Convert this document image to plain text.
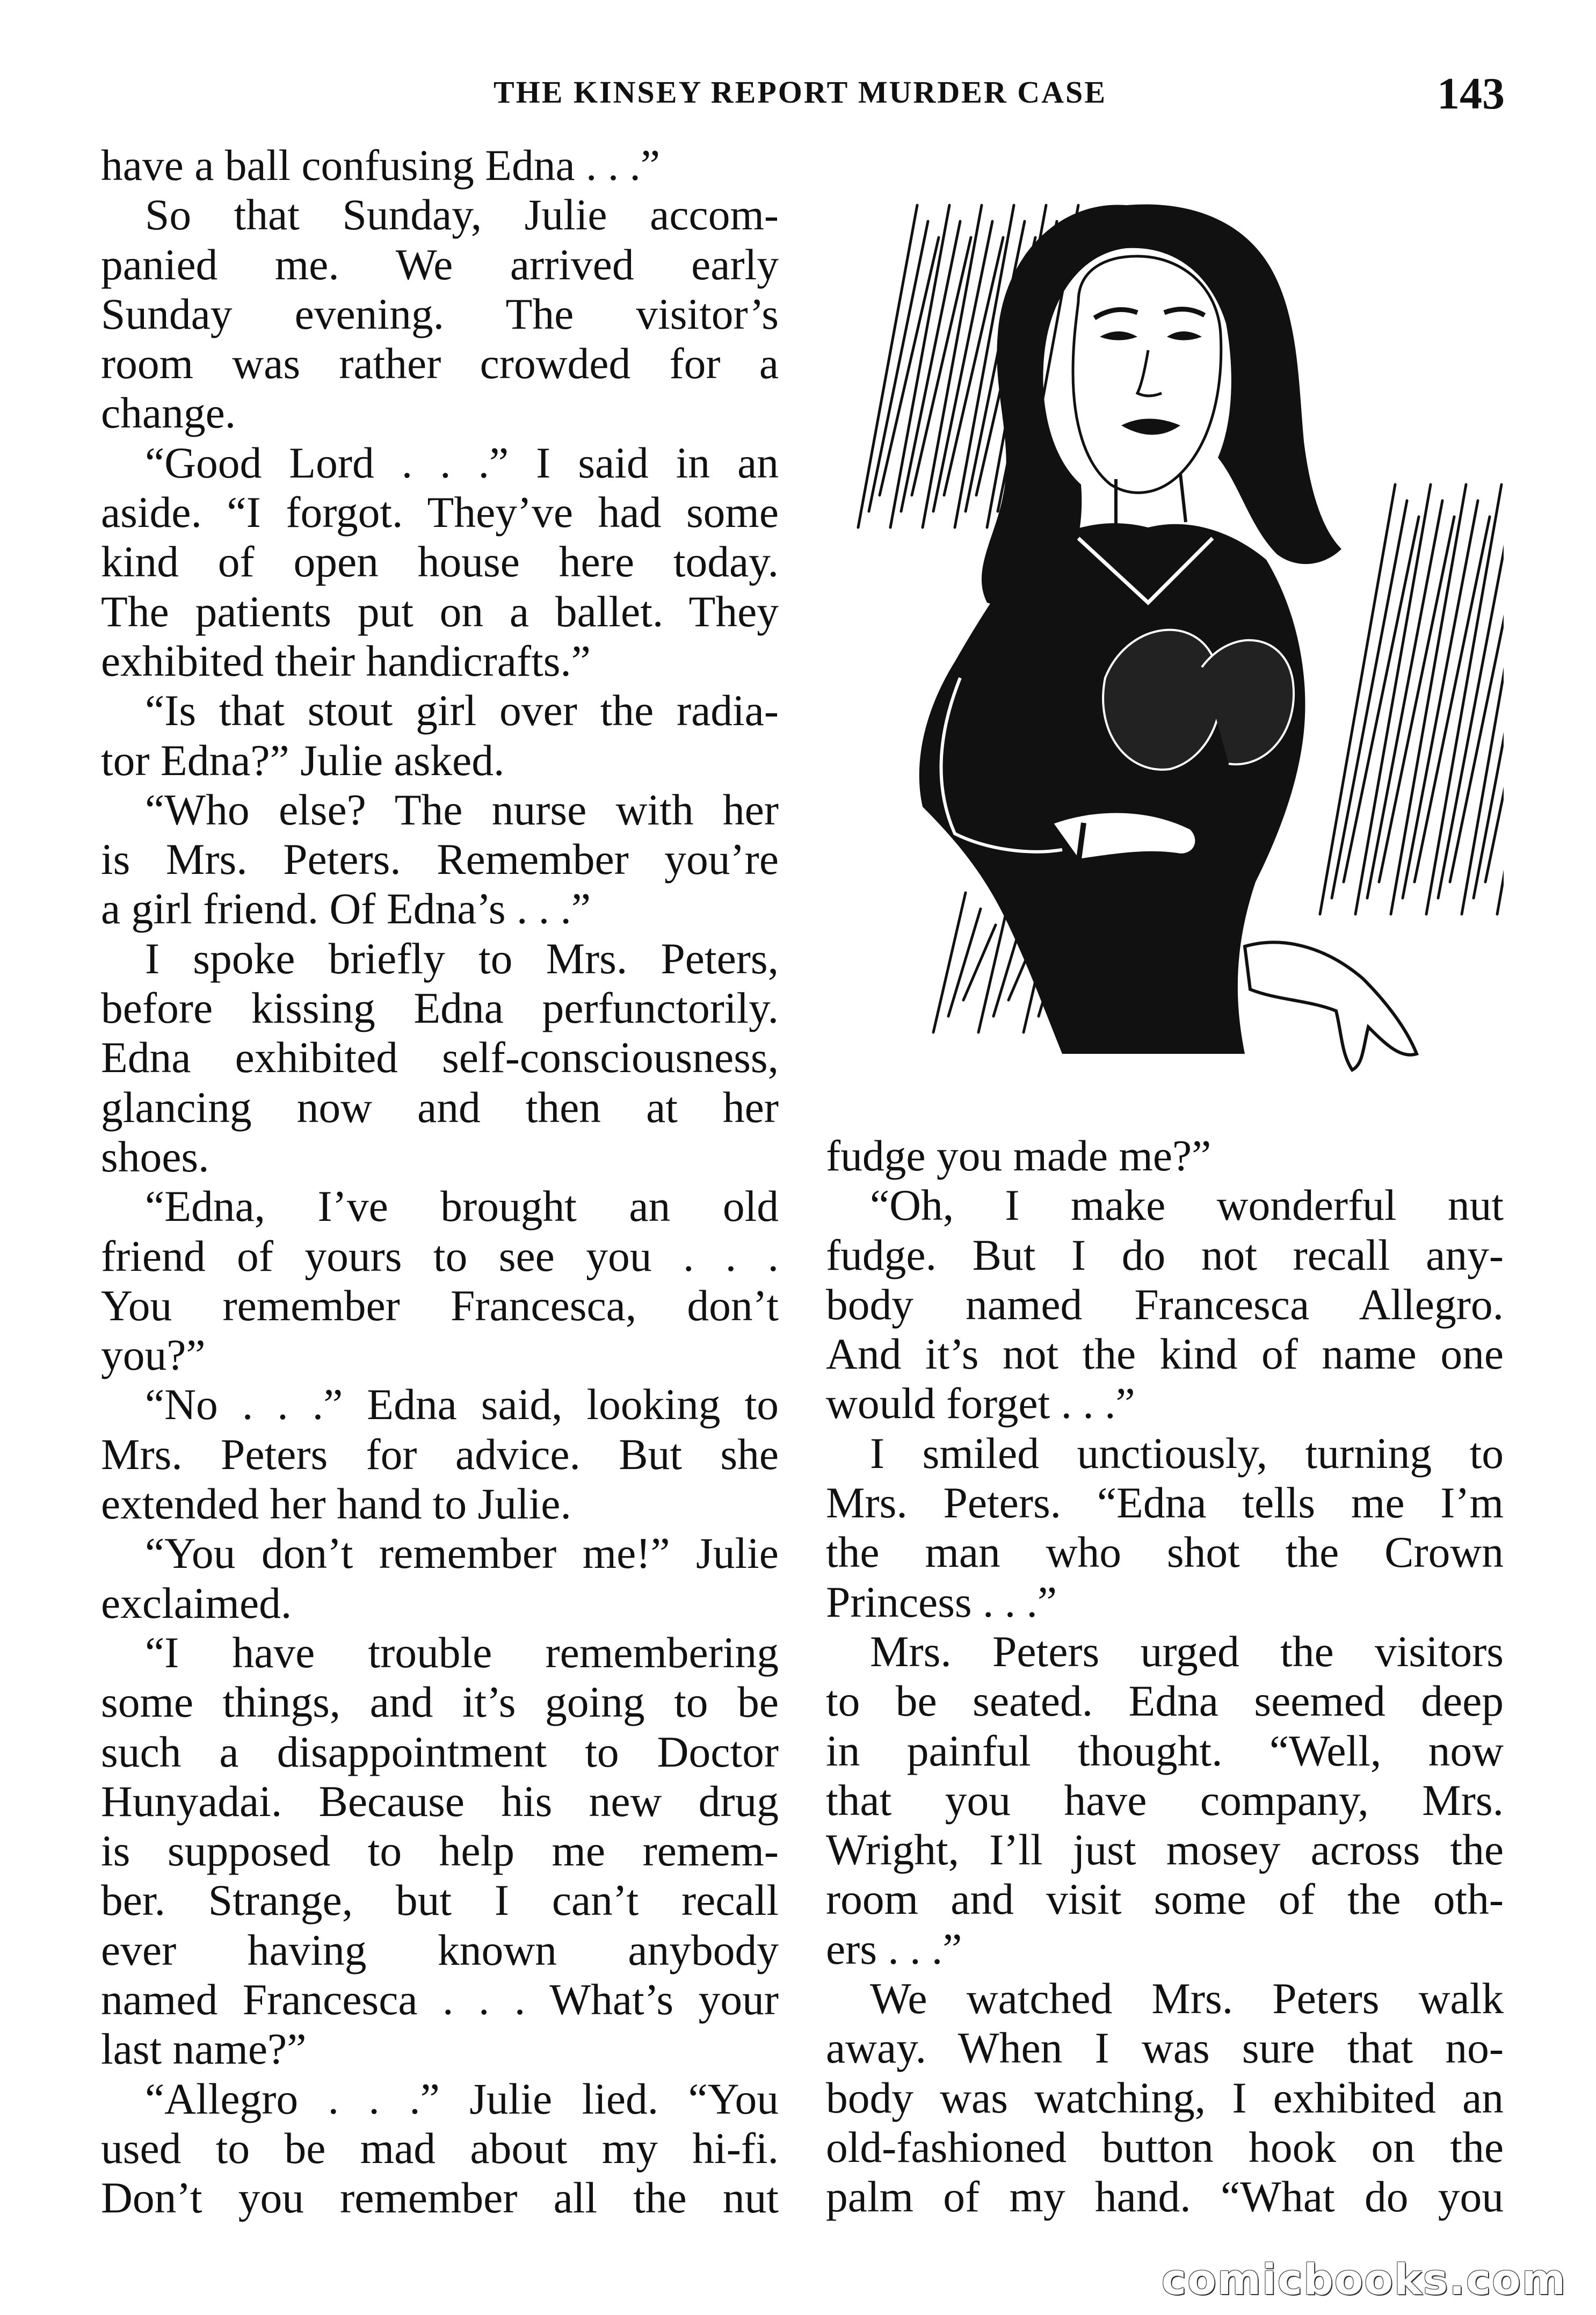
THE KINSEY REPORT MURDER CASE	143
have a ball confusing Edna . . .”
So that Sunday, Julie accom-
panied me. We arrived early
Sunday evening. The visitor’s
room was rather crowded for a
change.
“Good Lord . . .” I said in an
aside. “I forgot. They’ve had some
kind of open house here today.
The patients put on a ballet. They
exhibited their handicrafts.”
“Is that stout girl over the radia-
tor Edna?” Julie asked.
“Who else? The nurse with her
is Mrs. Peters. Remember you’re
a girl friend. Of Edna’s . . .”
I spoke briefly to Mrs. Peters,
before kissing Edna perfunctorily.
Edna exhibited self-consciousness,
glancing now and then at her
shoes.
“Edna, I’ve brought an old
friend of yours to see you . . .
You remember Francesca, don’t
you?”
“No . . .” Edna said, looking to
Mrs. Peters for advice. But she
extended her hand to Julie.
“You don’t remember me!” Julie
exclaimed.
“I have trouble remembering
some things, and it’s going to be
such a disappointment to Doctor
Hunyadai. Because his new drug
is supposed to help me remem-
ber. Strange, but I can’t recall
ever having known anybody
named Francesca . . . What’s your
last name?”
“Allegro . . .” Julie lied. “You
used to be mad about my hi-fi.
Don’t you remember all the nut
fudge you made me?”
“Oh, I make wonderful nut
fudge. But I do not recall any-
body named Francesca Allegro.
And it’s not the kind of name one
would forget . . .”
I smiled unctiously, turning to
Mrs. Peters. “Edna tells me I’m
the man who shot the Crown
Princess . . .”
Mrs. Peters urged the visitors
to be seated. Edna seemed deep
in painful thought. “Well, now
that you have company, Mrs.
Wright, I’ll just mosey across the
room and visit some of the oth-
ers . . .”
We watched Mrs. Peters walk
away. When I was sure that no-
body was watching, I exhibited an
old-fashioned button hook on the
palm of my hand. “What do you
comicbooks.com
